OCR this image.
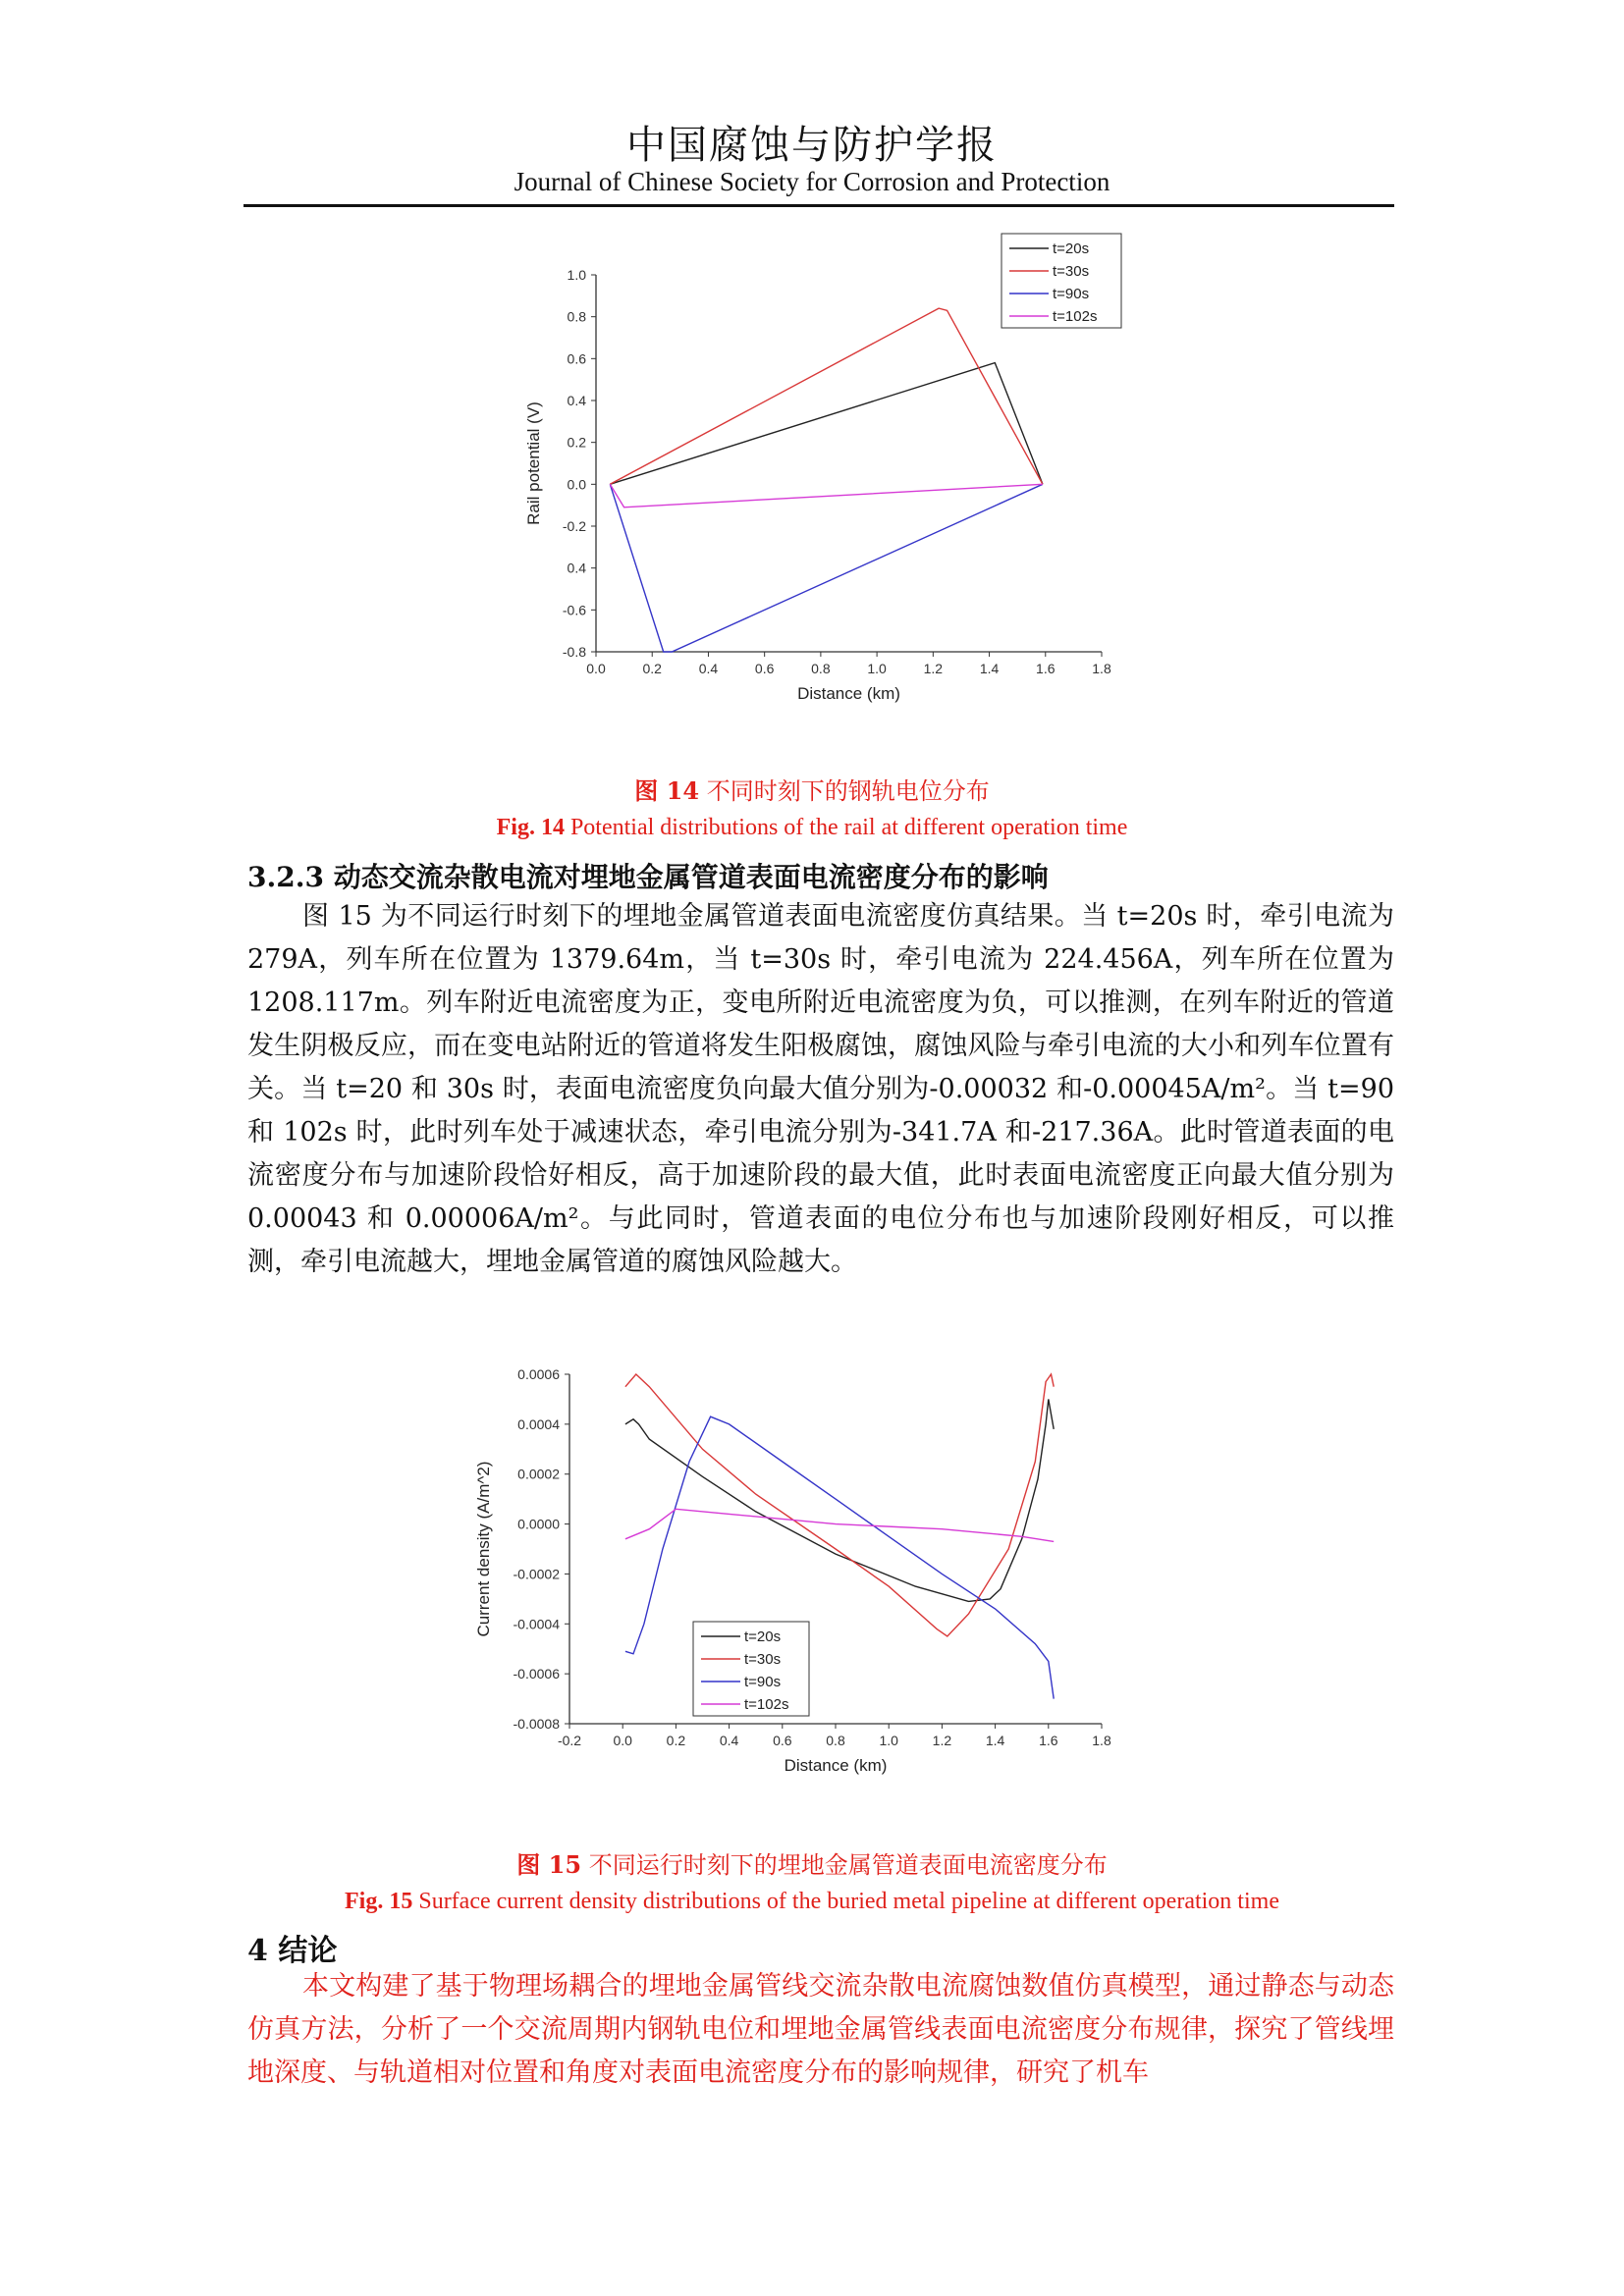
中国腐蚀与防护学报
Journal of Chinese Society for Corrosion and Protection
0.0	0.2	0.4	0.6	0.8	1.0	1.2	1.4	1.6	1.8
1.0
0.8
0.6
0.4
0.2
0.0
-0.2
0.4
-0.6
-0.8
Distance (km)
Rail potential (V)
t=20s
t=30s
t=90s
t=102s
图 14 不同时刻下的钢轨电位分布
Fig. 14 Potential distributions of the rail at different operation time
3.2.3 动态交流杂散电流对埋地金属管道表面电流密度分布的影响
图 15 为不同运行时刻下的埋地金属管道表面电流密度仿真结果。当 t=20s 时，牵引电流为 279A，列车所在位置为 1379.64m，当 t=30s 时，牵引电流为 224.456A，列车所在位置为 1208.117m。列车附近电流密度为正，变电所附近电流密度为负，可以推测，在列车附近的管道发生阴极反应，而在变电站附近的管道将发生阳极腐蚀，腐蚀风险与牵引电流的大小和列车位置有关。当 t=20 和 30s 时，表面电流密度负向最大值分别为-0.00032 和-0.00045A/m²。当 t=90 和 102s 时，此时列车处于减速状态，牵引电流分别为-341.7A 和-217.36A。此时管道表面的电流密度分布与加速阶段恰好相反，高于加速阶段的最大值，此时表面电流密度正向最大值分别为 0.00043 和 0.00006A/m²。与此同时，管道表面的电位分布也与加速阶段刚好相反，可以推测，牵引电流越大，埋地金属管道的腐蚀风险越大。
-0.2 0.0 0.2 0.4 0.6 0.8 1.0 1.2 1.4 1.6 1.8
0.0006
0.0004
0.0002
0.0000
-0.0002
-0.0004
-0.0006
-0.0008
Distance (km)
Current density (A/m^2)
t=20s
t=30s
t=90s
t=102s
图 15 不同运行时刻下的埋地金属管道表面电流密度分布
Fig. 15 Surface current density distributions of the buried metal pipeline at different operation time
4 结论
本文构建了基于物理场耦合的埋地金属管线交流杂散电流腐蚀数值仿真模型，通过静态与动态仿真方法，分析了一个交流周期内钢轨电位和埋地金属管线表面电流密度分布规律，探究了管线埋地深度、与轨道相对位置和角度对表面电流密度分布的影响规律，研究了机车
